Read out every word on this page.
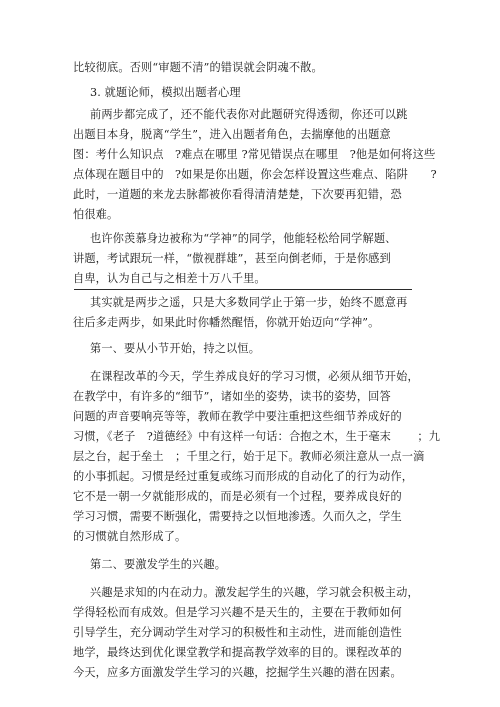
比较彻底。否则“审题不清”的错误就会阴魂不散。
3. 就题论师，模拟出题者心理
前两步都完成了，还不能代表你对此题研究得透彻，你还可以跳
出题目本身，脱离“学生”，进入出题者角色，去揣摩他的出题意
图：考什么知识点　?难点在哪里 ?常见错误点在哪里　?他是如何将这些
点体现在题目中的　?如果是你出题，你会怎样设置这些难点、陷阱　　?
此时，一道题的来龙去脉都被你看得清清楚楚，下次要再犯错，恐
怕很难。
也许你羡慕身边被称为“学神”的同学，他能轻松给同学解题、
讲题，考试跟玩一样，“傲视群雄”，甚至向倒老师，于是你感到
自卑，认为自己与之相差十万八千里。
其实就是两步之遥，只是大多数同学止于第一步，始终不愿意再
往后多走两步，如果此时你幡然醒悟，你就开始迈向“学神”。
第一、要从小节开始，持之以恒。
在课程改革的今天，学生养成良好的学习习惯，必须从细节开始，
在教学中，有许多的“细节”，诸如坐的姿势，读书的姿势，回答
问题的声音要响亮等等，教师在教学中要注重把这些细节养成好的
习惯，《老子　?道德经》中有这样一句话：合抱之木，生于毫末　　 ；九
层之台，起于垒土　；千里之行，始于足下。教师必须注意从一点一滴
的小事抓起。习惯是经过重复或练习而形成的自动化了的行为动作，
它不是一朝一夕就能形成的，而是必须有一个过程，要养成良好的
学习习惯，需要不断强化，需要持之以恒地渗透。久而久之，学生
的习惯就自然形成了。
第二、要激发学生的兴趣。
兴趣是求知的内在动力。激发起学生的兴趣，学习就会积极主动，
学得轻松而有成效。但是学习兴趣不是天生的，主要在于教师如何
引导学生，充分调动学生对学习的积极性和主动性，进而能创造性
地学，最终达到优化课堂教学和提高教学效率的目的。课程改革的
今天，应多方面激发学生学习的兴趣，挖掘学生兴趣的潜在因素。
